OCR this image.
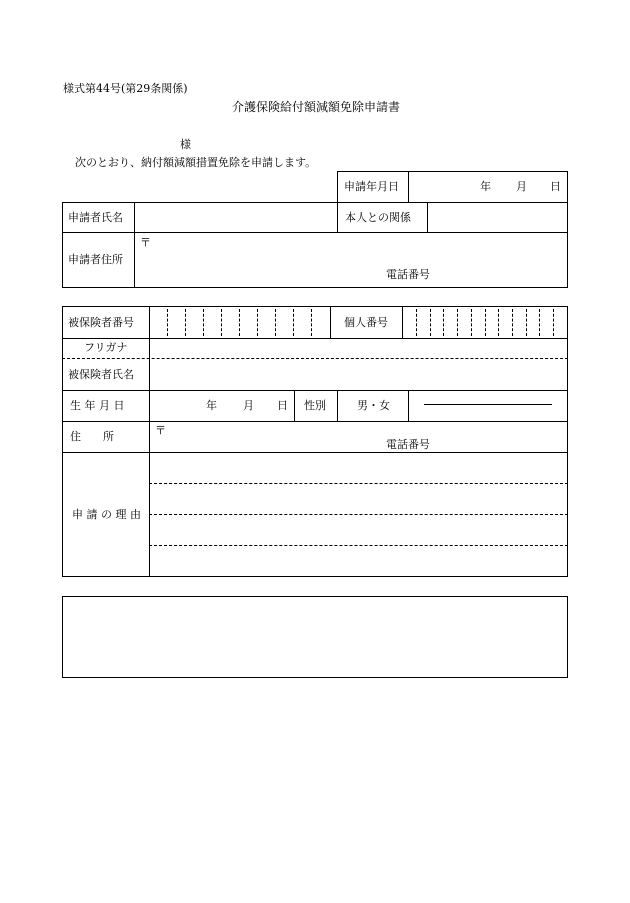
様式第44号(第29条関係)
介護保険給付額減額免除申請書
様
次のとおり、納付額減額措置免除を申請します。
申請年月日	年 月 日
申請者氏名	本人との関係
申請者住所
〒
電話番号
被保険者番号	個人番号
フリガナ
被保険者氏名
生 年 月 日	年 月 日 性別	男・女
住　　所	〒
電話番号
申 請 の 理 由
